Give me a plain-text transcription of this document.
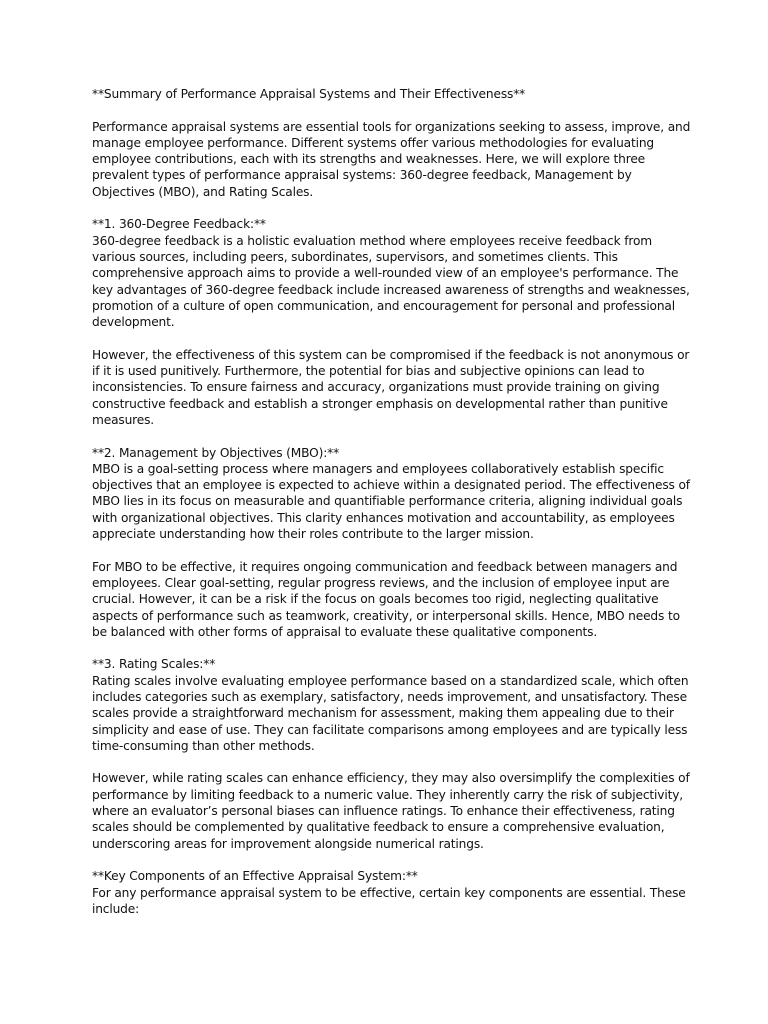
**Summary of Performance Appraisal Systems and Their Effectiveness**

Performance appraisal systems are essential tools for organizations seeking to assess, improve, and manage employee performance. Different systems offer various methodologies for evaluating employee contributions, each with its strengths and weaknesses. Here, we will explore three prevalent types of performance appraisal systems: 360-degree feedback, Management by Objectives (MBO), and Rating Scales.

**1. 360-Degree Feedback:**

360-degree feedback is a holistic evaluation method where employees receive feedback from various sources, including peers, subordinates, supervisors, and sometimes clients. This comprehensive approach aims to provide a well-rounded view of an employee's performance. The key advantages of 360-degree feedback include increased awareness of strengths and weaknesses, promotion of a culture of open communication, and encouragement for personal and professional development.

However, the effectiveness of this system can be compromised if the feedback is not anonymous or if it is used punitively. Furthermore, the potential for bias and subjective opinions can lead to inconsistencies. To ensure fairness and accuracy, organizations must provide training on giving constructive feedback and establish a stronger emphasis on developmental rather than punitive measures.

**2. Management by Objectives (MBO):**

MBO is a goal-setting process where managers and employees collaboratively establish specific objectives that an employee is expected to achieve within a designated period. The effectiveness of MBO lies in its focus on measurable and quantifiable performance criteria, aligning individual goals with organizational objectives. This clarity enhances motivation and accountability, as employees appreciate understanding how their roles contribute to the larger mission.

For MBO to be effective, it requires ongoing communication and feedback between managers and employees. Clear goal-setting, regular progress reviews, and the inclusion of employee input are crucial. However, it can be a risk if the focus on goals becomes too rigid, neglecting qualitative aspects of performance such as teamwork, creativity, or interpersonal skills. Hence, MBO needs to be balanced with other forms of appraisal to evaluate these qualitative components.

**3. Rating Scales:**

Rating scales involve evaluating employee performance based on a standardized scale, which often includes categories such as exemplary, satisfactory, needs improvement, and unsatisfactory. These scales provide a straightforward mechanism for assessment, making them appealing due to their simplicity and ease of use. They can facilitate comparisons among employees and are typically less time-consuming than other methods.

However, while rating scales can enhance efficiency, they may also oversimplify the complexities of performance by limiting feedback to a numeric value. They inherently carry the risk of subjectivity, where an evaluator’s personal biases can influence ratings. To enhance their effectiveness, rating scales should be complemented by qualitative feedback to ensure a comprehensive evaluation, underscoring areas for improvement alongside numerical ratings.

**Key Components of an Effective Appraisal System:**

For any performance appraisal system to be effective, certain key components are essential. These include:
